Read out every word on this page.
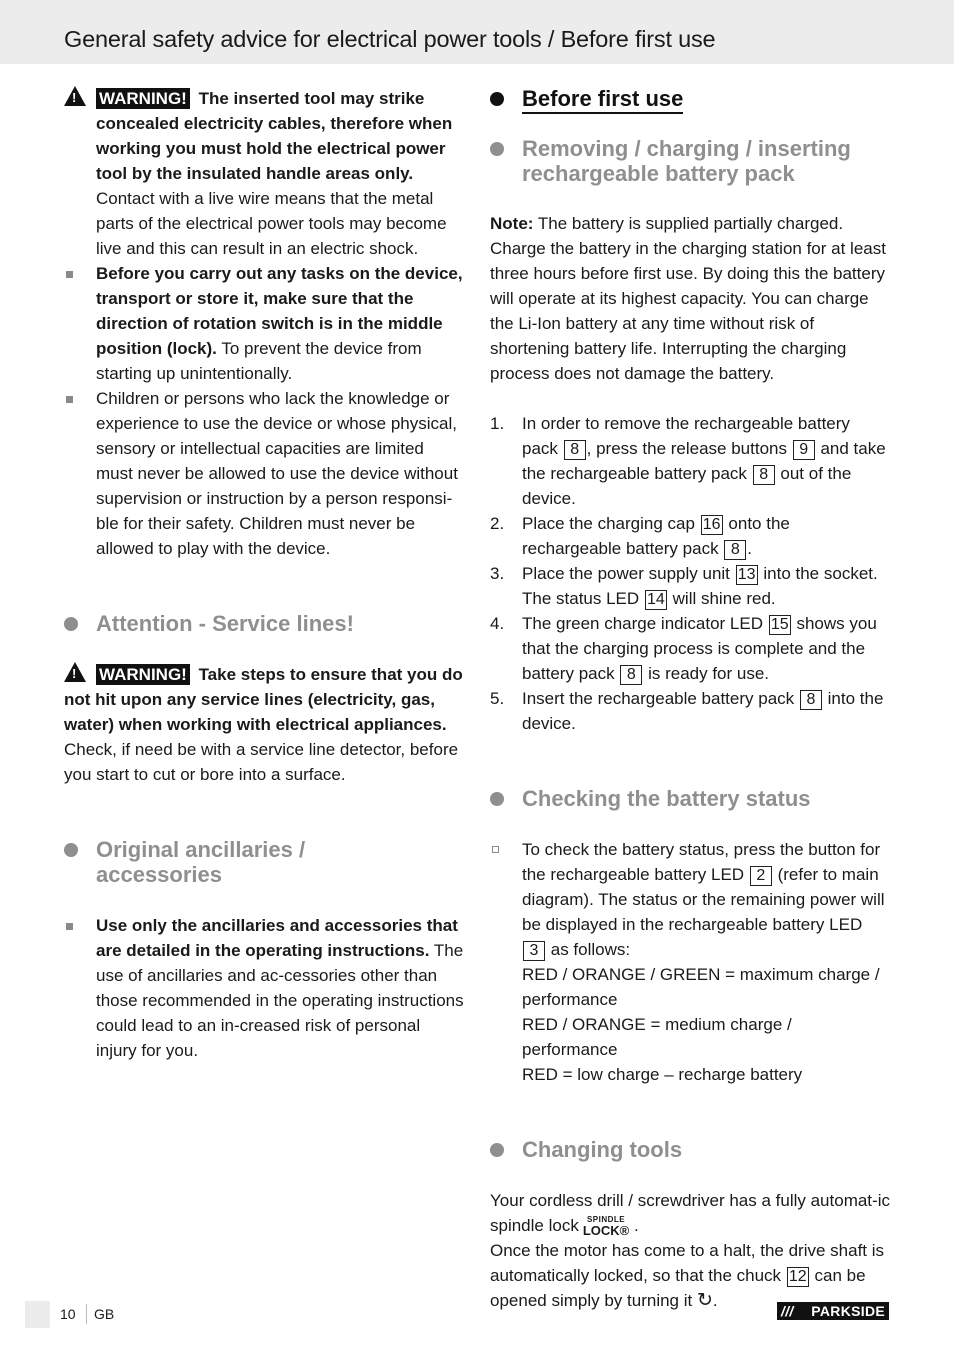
General safety advice for electrical power tools / Before first use
!
WARNING! The inserted tool may strike concealed electricity cables, therefore when working you must hold the electrical power tool by the insulated handle areas only. Contact with a live wire means that the metal parts of the electrical power tools may become live and this can result in an electric shock.
Before you carry out any tasks on the device, transport or store it, make sure that the direction of rotation switch is in the middle position (lock). To prevent the device from starting up unintentionally.
Children or persons who lack the knowledge or experience to use the device or whose physical, sensory or intellectual capacities are limited must never be allowed to use the device without supervision or instruction by a person responsi-ble for their safety. Children must never be allowed to play with the device.
Attention - Service lines!

!WARNING! Take steps to ensure that you do not hit upon any service lines (electricity, gas, water) when working with electrical appliances. Check, if need be with a service line detector, before you start to cut or bore into a surface.

Original ancillaries /
accessories
Use only the ancillaries and accessories that are detailed in the operating instructions. The use of ancillaries and ac-cessories other than those recommended in the operating instructions could lead to an in-creased risk of personal injury for you.
Before first use
Removing / charging / inserting
rechargeable battery pack

Note: The battery is supplied partially charged. Charge the battery in the charging station for at least three hours before first use. By doing this the battery will operate at its highest capacity. You can charge the Li-Ion battery at any time without risk of shortening battery life. Interrupting the charging process does not damage the battery.

1. In order to remove the rechargeable battery pack 8 , press the release buttons 9 and take the rechargeable battery pack 8 out of the device.
2. Place the charging cap 16 onto the rechargeable battery pack 8 .
3. Place the power supply unit 13 into the socket. The status LED 14 will shine red.
4. The green charge indicator LED 15 shows you that the charging process is complete and the battery pack 8 is ready for use.
5. Insert the rechargeable battery pack 8 into the device.
Checking the battery status
To check the battery status, press the button for the rechargeable battery LED 2 (refer to main diagram). The status or the remaining power will be displayed in the rechargeable battery LED 3 as follows:
RED / ORANGE / GREEN = maximum charge / performance
RED / ORANGE = medium charge / performance
RED = low charge – recharge battery
Changing tools

Your cordless drill / screwdriver has a fully automat-ic spindle lock	SPINDLE
LOCK® .
Once the motor has come to a halt, the drive shaft is automatically locked, so that the chuck 12 can be opened simply by turning it ↻.

10 GB	/// PARKSIDE
